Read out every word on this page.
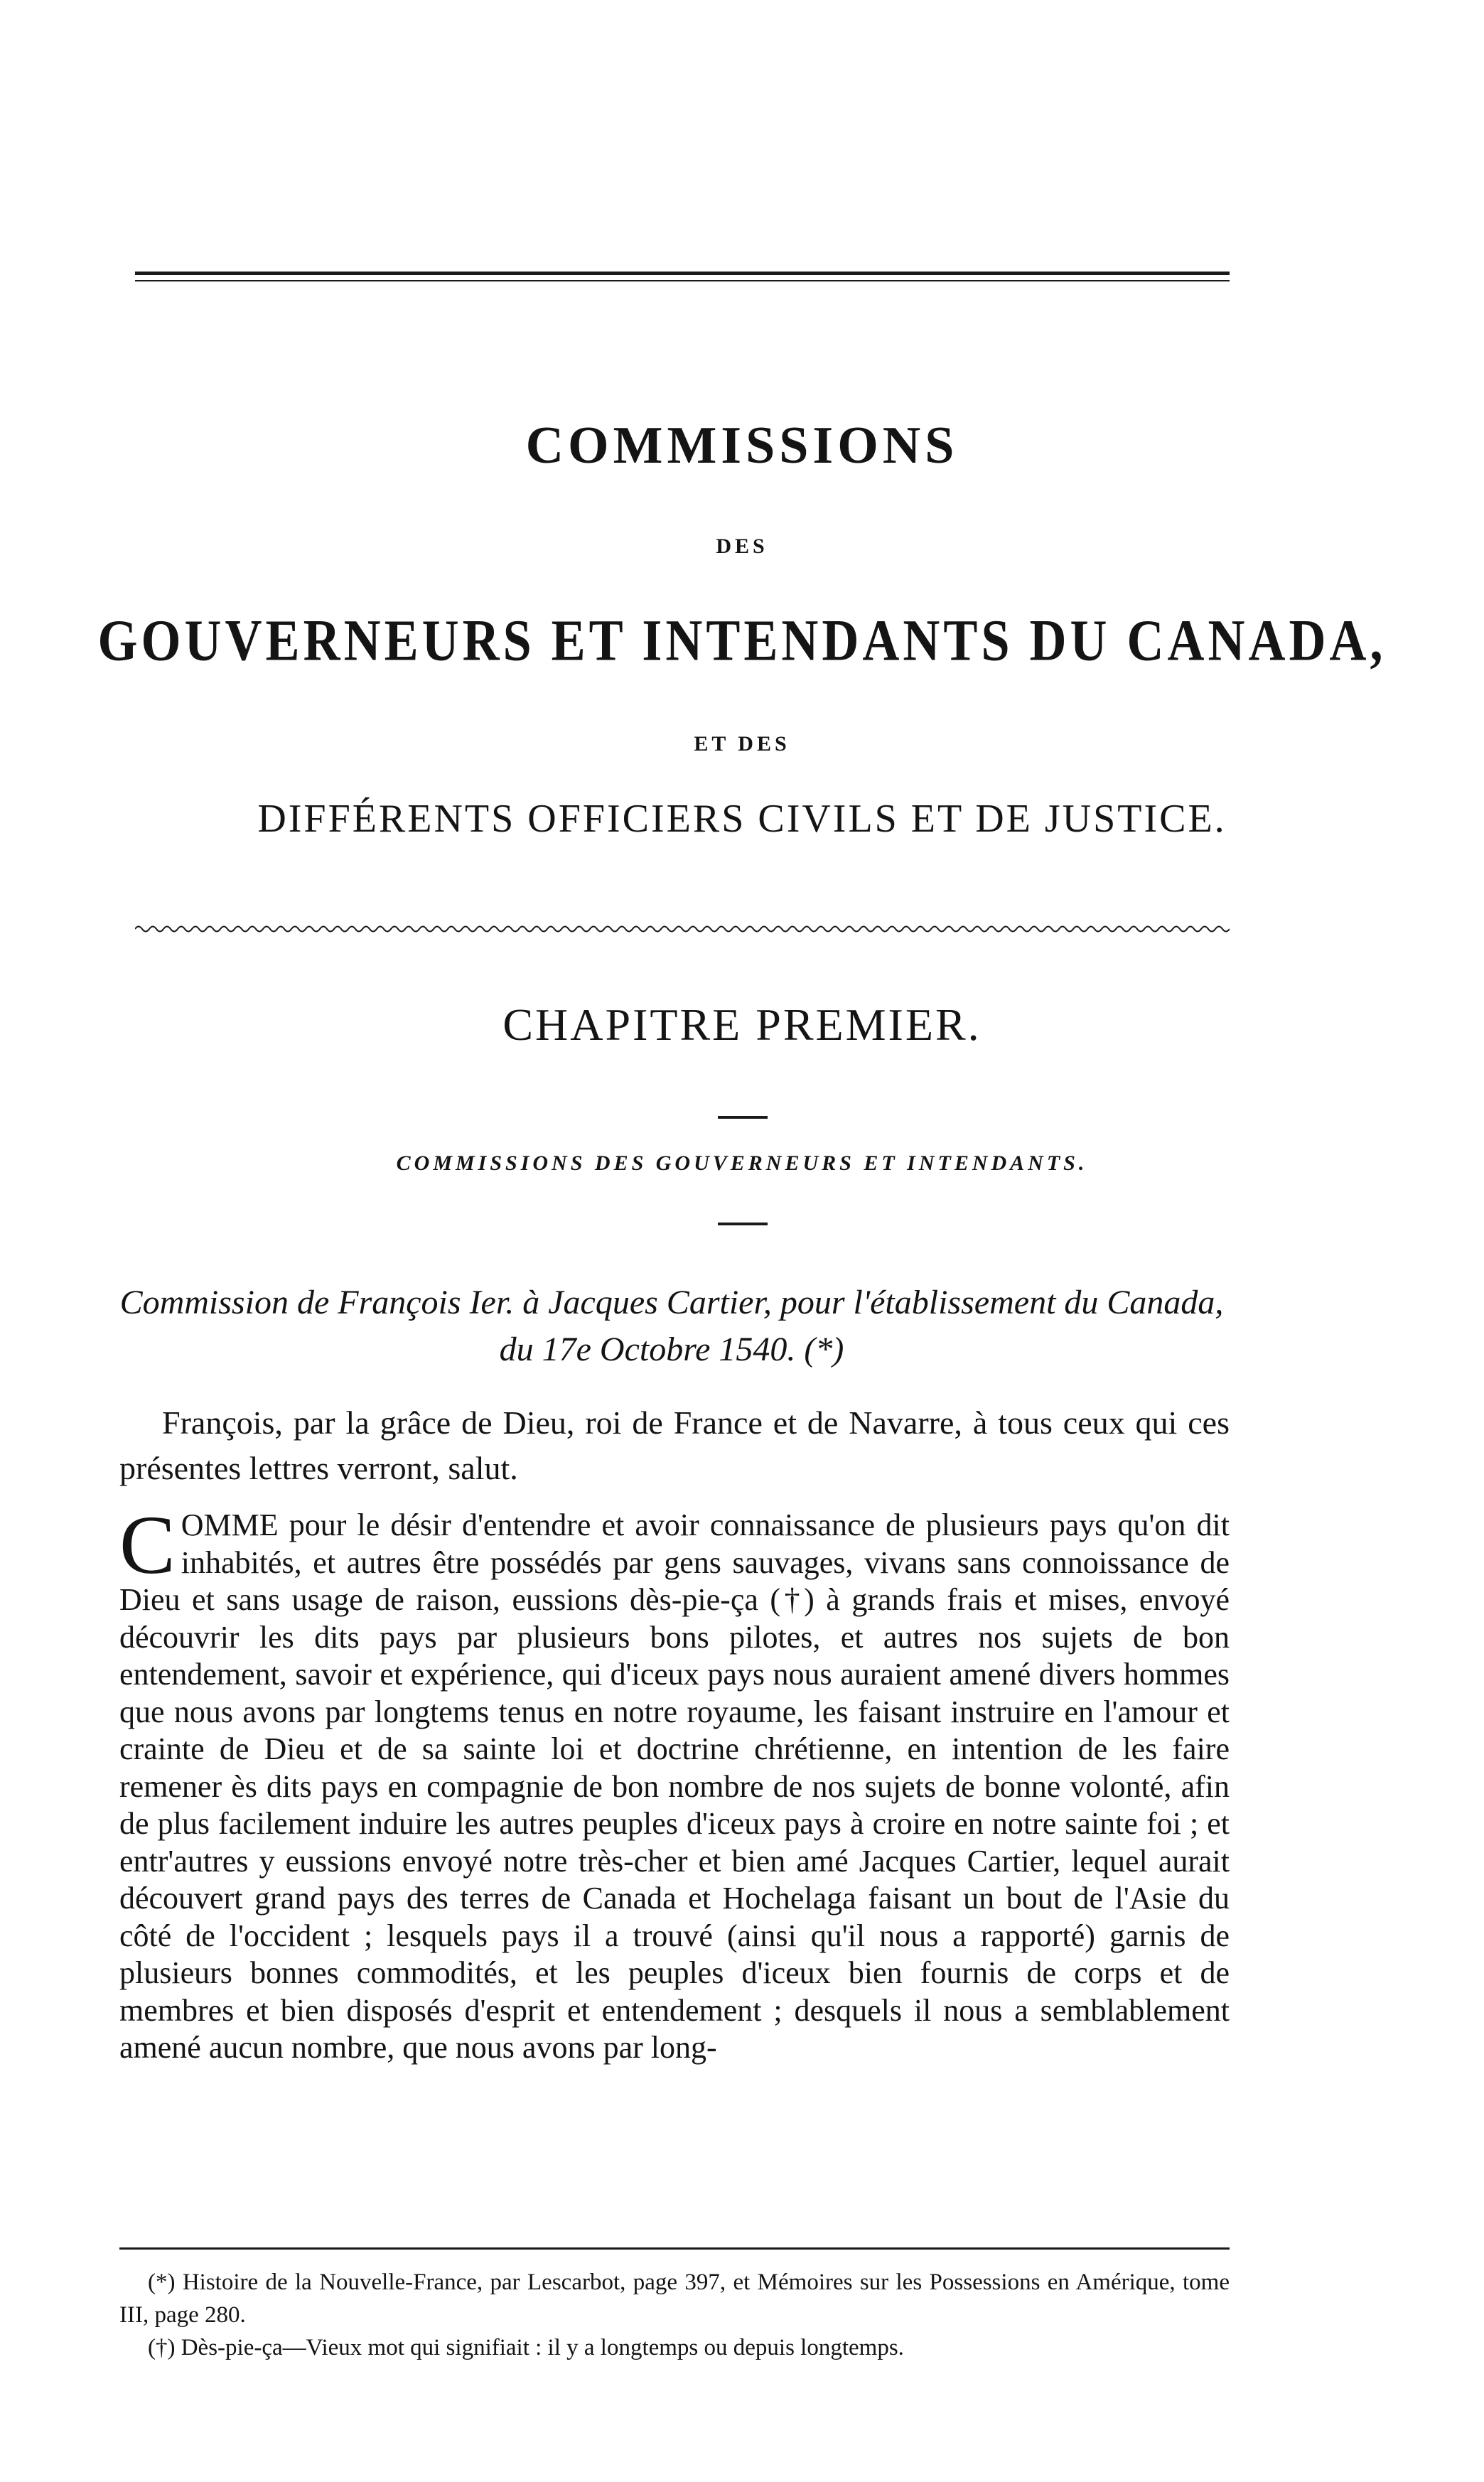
COMMISSIONS
DES
GOUVERNEURS ET INTENDANTS DU CANADA,
ET DES
DIFFÉRENTS OFFICIERS CIVILS ET DE JUSTICE.
CHAPITRE PREMIER.
COMMISSIONS DES GOUVERNEURS ET INTENDANTS.
Commission de François Ier. à Jacques Cartier, pour l'établissement du Canada, du 17e Octobre 1540. (*)
François, par la grâce de Dieu, roi de France et de Navarre, à tous ceux qui ces présentes lettres verront, salut.
COMME pour le désir d'entendre et avoir connaissance de plusieurs pays qu'on dit inhabités, et autres être possédés par gens sauvages, vivans sans connoissance de Dieu et sans usage de raison, eussions dès-pie-ça (†) à grands frais et mises, envoyé découvrir les dits pays par plusieurs bons pilotes, et autres nos sujets de bon entendement, savoir et expérience, qui d'iceux pays nous auraient amené divers hommes que nous avons par longtems tenus en notre royaume, les faisant instruire en l'amour et crainte de Dieu et de sa sainte loi et doctrine chrétienne, en intention de les faire remener ès dits pays en compagnie de bon nombre de nos sujets de bonne volonté, afin de plus facilement induire les autres peuples d'iceux pays à croire en notre sainte foi ; et entr'autres y eussions envoyé notre très-cher et bien amé Jacques Cartier, lequel aurait découvert grand pays des terres de Canada et Hochelaga faisant un bout de l'Asie du côté de l'occident ; lesquels pays il a trouvé (ainsi qu'il nous a rapporté) garnis de plusieurs bonnes commodités, et les peuples d'iceux bien fournis de corps et de membres et bien disposés d'esprit et entendement ; desquels il nous a semblablement amené aucun nombre, que nous avons par long-

(*) Histoire de la Nouvelle-France, par Lescarbot, page 397, et Mémoires sur les Possessions en Amérique, tome III, page 280.

(†) Dès-pie-ça—Vieux mot qui signifiait : il y a longtemps ou depuis longtemps.
